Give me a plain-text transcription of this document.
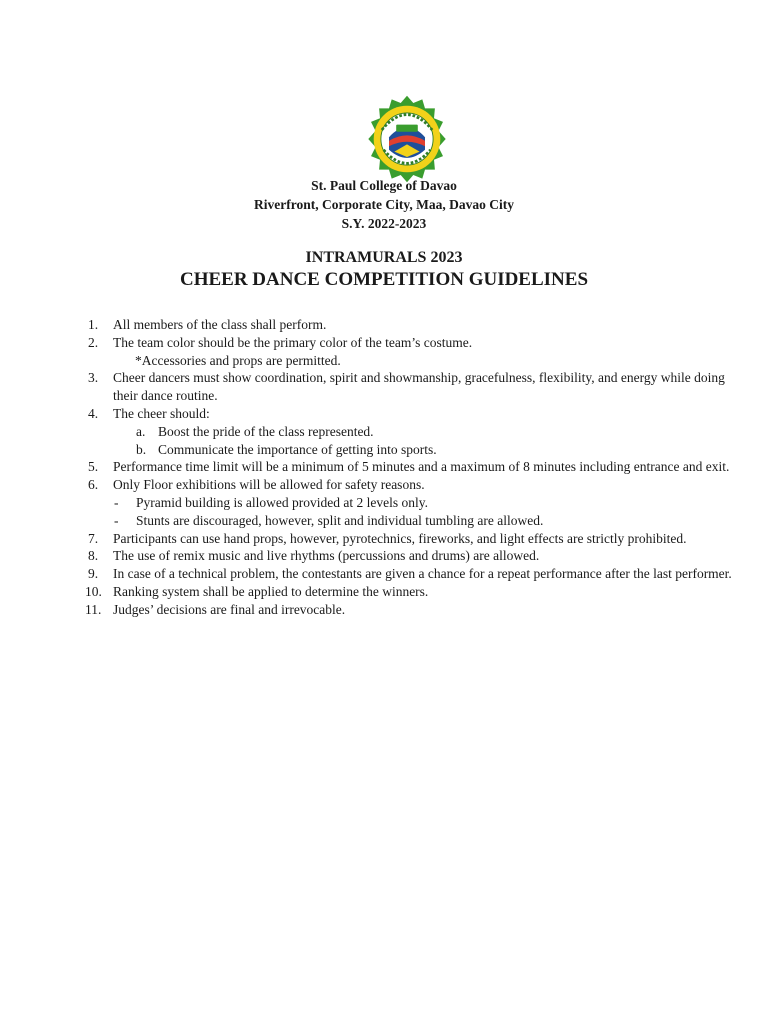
St. Paul College of Davao
Riverfront, Corporate City, Maa, Davao City
S.Y. 2022-2023
INTRAMURALS 2023
CHEER DANCE COMPETITION GUIDELINES
1. All members of the class shall perform.
2. The team color should be the primary color of the team’s costume.
*Accessories and props are permitted.
3. Cheer dancers must show coordination, spirit and showmanship, gracefulness, flexibility, and energy while doing their dance routine.
4. The cheer should:
a. Boost the pride of the class represented.
b. Communicate the importance of getting into sports.
5. Performance time limit will be a minimum of 5 minutes and a maximum of 8 minutes including entrance and exit.
6. Only Floor exhibitions will be allowed for safety reasons.
- Pyramid building is allowed provided at 2 levels only.
- Stunts are discouraged, however, split and individual tumbling are allowed.
7. Participants can use hand props, however, pyrotechnics, fireworks, and light effects are strictly prohibited.
8. The use of remix music and live rhythms (percussions and drums) are allowed.
9. In case of a technical problem, the contestants are given a chance for a repeat performance after the last performer.
10. Ranking system shall be applied to determine the winners.
11. Judges’ decisions are final and irrevocable.
